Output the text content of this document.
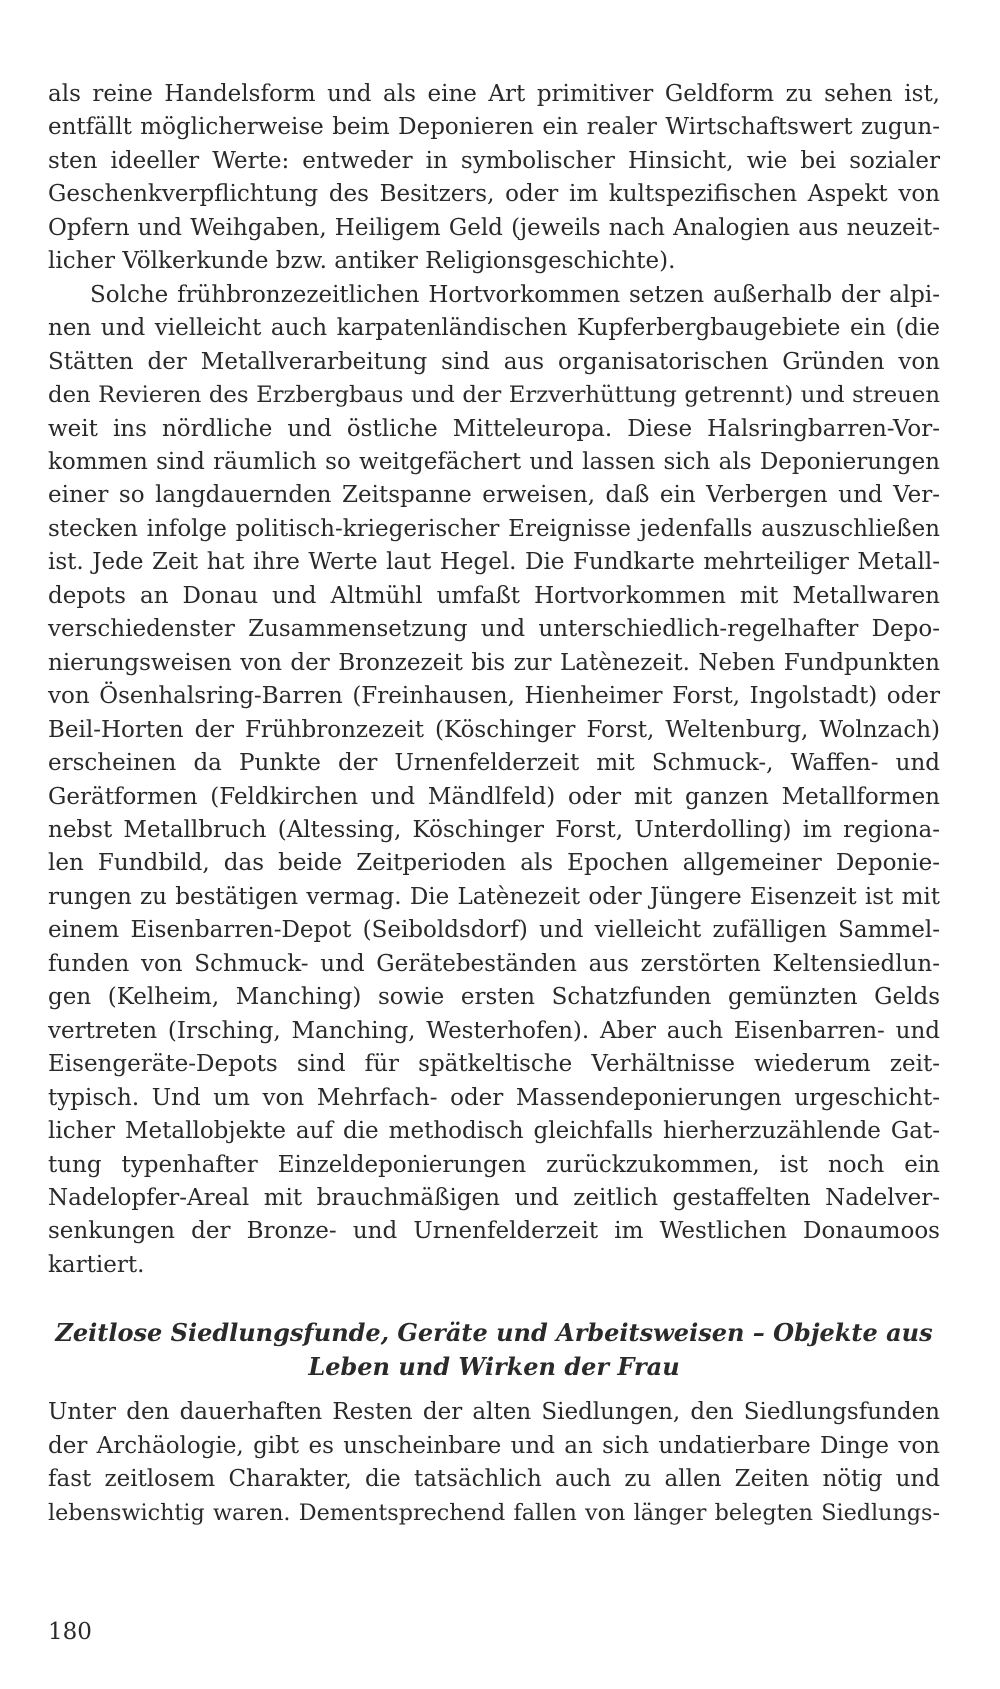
als reine Handelsform und als eine Art primitiver Geldform zu sehen ist,
entfällt möglicherweise beim Deponieren ein realer Wirtschaftswert zugun-
sten ideeller Werte: entweder in symbolischer Hinsicht, wie bei sozialer
Geschenkverpflichtung des Besitzers, oder im kultspezifischen Aspekt von
Opfern und Weihgaben, Heiligem Geld (jeweils nach Analogien aus neuzeit-
licher Völkerkunde bzw. antiker Religionsgeschichte).

Solche frühbronzezeitlichen Hortvorkommen setzen außerhalb der alpi-
nen und vielleicht auch karpatenländischen Kupferbergbaugebiete ein (die
Stätten der Metallverarbeitung sind aus organisatorischen Gründen von
den Revieren des Erzbergbaus und der Erzverhüttung getrennt) und streuen
weit ins nördliche und östliche Mitteleuropa. Diese Halsringbarren-Vor-
kommen sind räumlich so weitgefächert und lassen sich als Deponierungen
einer so langdauernden Zeitspanne erweisen, daß ein Verbergen und Ver-
stecken infolge politisch-kriegerischer Ereignisse jedenfalls auszuschließen
ist. Jede Zeit hat ihre Werte laut Hegel. Die Fundkarte mehrteiliger Metall-
depots an Donau und Altmühl umfaßt Hortvorkommen mit Metallwaren
verschiedenster Zusammensetzung und unterschiedlich-regelhafter Depo-
nierungsweisen von der Bronzezeit bis zur Latènezeit. Neben Fundpunkten
von Ösenhalsring-Barren (Freinhausen, Hienheimer Forst, Ingolstadt) oder
Beil-Horten der Frühbronzezeit (Köschinger Forst, Weltenburg, Wolnzach)
erscheinen da Punkte der Urnenfelderzeit mit Schmuck-, Waffen- und
Gerätformen (Feldkirchen und Mändlfeld) oder mit ganzen Metallformen
nebst Metallbruch (Altessing, Köschinger Forst, Unterdolling) im regiona-
len Fundbild, das beide Zeitperioden als Epochen allgemeiner Deponie-
rungen zu bestätigen vermag. Die Latènezeit oder Jüngere Eisenzeit ist mit
einem Eisenbarren-Depot (Seiboldsdorf) und vielleicht zufälligen Sammel-
funden von Schmuck- und Gerätebeständen aus zerstörten Keltensiedlun-
gen (Kelheim, Manching) sowie ersten Schatzfunden gemünzten Gelds
vertreten (Irsching, Manching, Westerhofen). Aber auch Eisenbarren- und
Eisengeräte-Depots sind für spätkeltische Verhältnisse wiederum zeit-
typisch. Und um von Mehrfach- oder Massendeponierungen urgeschicht-
licher Metallobjekte auf die methodisch gleichfalls hierherzuzählende Gat-
tung typenhafter Einzeldeponierungen zurückzukommen, ist noch ein
Nadelopfer-Areal mit brauchmäßigen und zeitlich gestaffelten Nadelver-
senkungen der Bronze- und Urnenfelderzeit im Westlichen Donaumoos
kartiert.

Zeitlose Siedlungsfunde, Geräte und Arbeitsweisen – Objekte aus
Leben und Wirken der Frau

Unter den dauerhaften Resten der alten Siedlungen, den Siedlungsfunden
der Archäologie, gibt es unscheinbare und an sich undatierbare Dinge von
fast zeitlosem Charakter, die tatsächlich auch zu allen Zeiten nötig und
lebenswichtig waren. Dementsprechend fallen von länger belegten Siedlungs-

180
